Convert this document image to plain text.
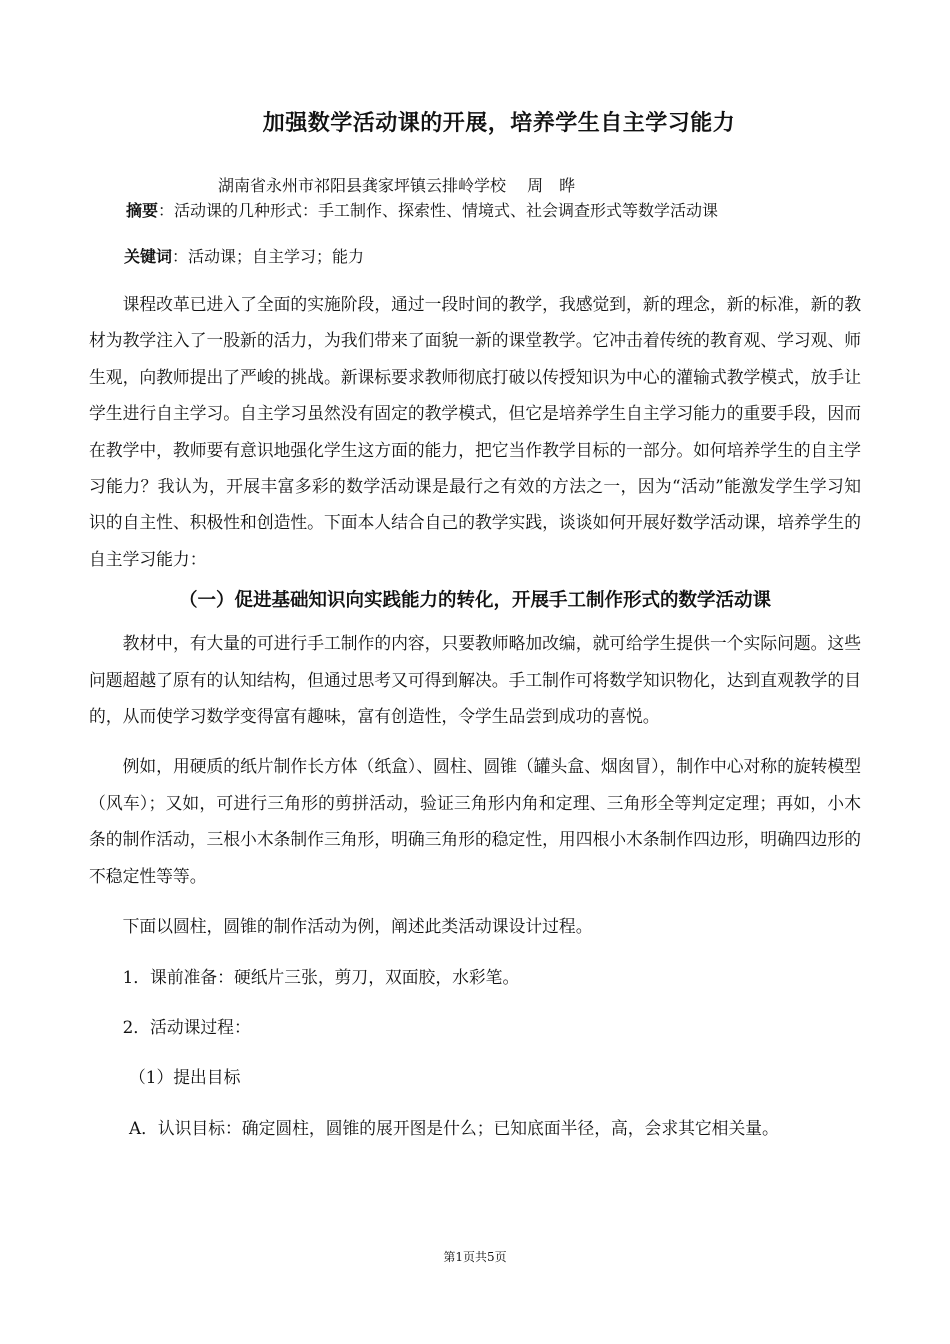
加强数学活动课的开展，培养学生自主学习能力
湖南省永州市祁阳县龚家坪镇云排岭学校　 周　晔
摘要：活动课的几种形式：手工制作、探索性、情境式、社会调查形式等数学活动课
关键词：活动课；自主学习；能力

课程改革已进入了全面的实施阶段，通过一段时间的教学，我感觉到，新的理念，新的标准，新的教材为教学注入了一股新的活力，为我们带来了面貌一新的课堂教学。它冲击着传统的教育观、学习观、师生观，向教师提出了严峻的挑战。新课标要求教师彻底打破以传授知识为中心的灌输式教学模式，放手让学生进行自主学习。自主学习虽然没有固定的教学模式，但它是培养学生自主学习能力的重要手段，因而在教学中，教师要有意识地强化学生这方面的能力，把它当作教学目标的一部分。如何培养学生的自主学习能力？我认为，开展丰富多彩的数学活动课是最行之有效的方法之一，因为“活动”能激发学生学习知识的自主性、积极性和创造性。下面本人结合自己的教学实践，谈谈如何开展好数学活动课，培养学生的自主学习能力：

（一）促进基础知识向实践能力的转化，开展手工制作形式的数学活动课

教材中，有大量的可进行手工制作的内容，只要教师略加改编，就可给学生提供一个实际问题。这些问题超越了原有的认知结构，但通过思考又可得到解决。手工制作可将数学知识物化，达到直观教学的目的，从而使学习数学变得富有趣味，富有创造性，令学生品尝到成功的喜悦。

例如，用硬质的纸片制作长方体（纸盒）、圆柱、圆锥（罐头盒、烟囱冒），制作中心对称的旋转模型（风车）；又如，可进行三角形的剪拼活动，验证三角形内角和定理、三角形全等判定定理；再如，小木条的制作活动，三根小木条制作三角形，明确三角形的稳定性，用四根小木条制作四边形，明确四边形的不稳定性等等。

下面以圆柱，圆锥的制作活动为例，阐述此类活动课设计过程。

1．课前准备：硬纸片三张，剪刀，双面胶，水彩笔。

2．活动课过程：

（1）提出目标

A．认识目标：确定圆柱，圆锥的展开图是什么；已知底面半径，高，会求其它相关量。

第1页共5页
